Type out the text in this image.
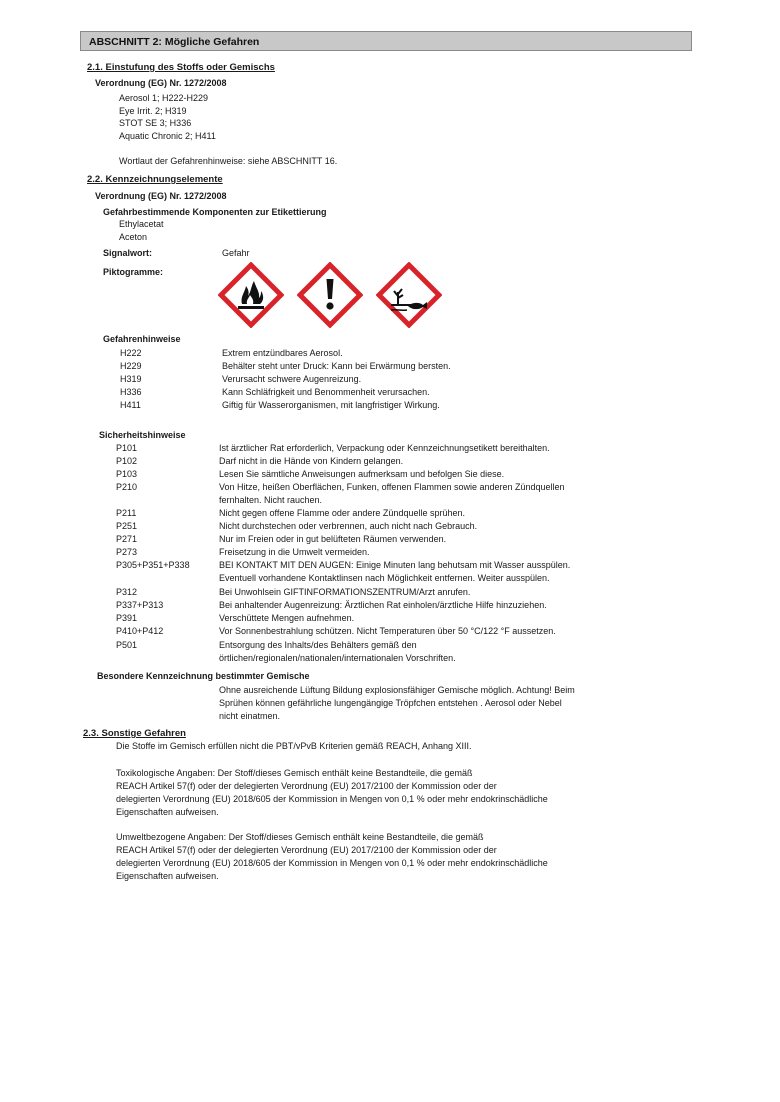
ABSCHNITT 2: Mögliche Gefahren
2.1. Einstufung des Stoffs oder Gemischs
Verordnung (EG) Nr. 1272/2008
Aerosol 1; H222-H229
Eye Irrit. 2; H319
STOT SE 3; H336
Aquatic Chronic 2; H411
Wortlaut der Gefahrenhinweise: siehe ABSCHNITT 16.
2.2. Kennzeichnungselemente
Verordnung (EG) Nr. 1272/2008
Gefahrbestimmende Komponenten zur Etikettierung
Ethylacetat
Aceton
Signalwort:	Gefahr
Piktogramme:
Gefahrenhinweise
H222	Extrem entzündbares Aerosol.
H229	Behälter steht unter Druck: Kann bei Erwärmung bersten.
H319	Verursacht schwere Augenreizung.
H336	Kann Schläfrigkeit und Benommenheit verursachen.
H411	Giftig für Wasserorganismen, mit langfristiger Wirkung.
Sicherheitshinweise
P101	Ist ärztlicher Rat erforderlich, Verpackung oder Kennzeichnungsetikett bereithalten.
P102	Darf nicht in die Hände von Kindern gelangen.
P103	Lesen Sie sämtliche Anweisungen aufmerksam und befolgen Sie diese.
P210	Von Hitze, heißen Oberflächen, Funken, offenen Flammen sowie anderen Zündquellen
fernhalten. Nicht rauchen.
P211	Nicht gegen offene Flamme oder andere Zündquelle sprühen.
P251	Nicht durchstechen oder verbrennen, auch nicht nach Gebrauch.
P271	Nur im Freien oder in gut belüfteten Räumen verwenden.
P273	Freisetzung in die Umwelt vermeiden.
P305+P351+P338	BEI KONTAKT MIT DEN AUGEN: Einige Minuten lang behutsam mit Wasser ausspülen.
Eventuell vorhandene Kontaktlinsen nach Möglichkeit entfernen. Weiter ausspülen.
P312	Bei Unwohlsein GIFTINFORMATIONSZENTRUM/Arzt anrufen.
P337+P313	Bei anhaltender Augenreizung: Ärztlichen Rat einholen/ärztliche Hilfe hinzuziehen.
P391	Verschüttete Mengen aufnehmen.
P410+P412	Vor Sonnenbestrahlung schützen. Nicht Temperaturen über 50 °C/122 °F aussetzen.
P501	Entsorgung des Inhalts/des Behälters gemäß den
örtlichen/regionalen/nationalen/internationalen Vorschriften.
Besondere Kennzeichnung bestimmter Gemische
Ohne ausreichende Lüftung Bildung explosionsfähiger Gemische möglich. Achtung! Beim
Sprühen können gefährliche lungengängige Tröpfchen entstehen . Aerosol oder Nebel
nicht einatmen.
2.3. Sonstige Gefahren
Die Stoffe im Gemisch erfüllen nicht die PBT/vPvB Kriterien gemäß REACH, Anhang XIII.
Toxikologische Angaben: Der Stoff/dieses Gemisch enthält keine Bestandteile, die gemäß
REACH Artikel 57(f) oder der delegierten Verordnung (EU) 2017/2100 der Kommission oder der
delegierten Verordnung (EU) 2018/605 der Kommission in Mengen von 0,1 % oder mehr endokrinschädliche
Eigenschaften aufweisen.
Umweltbezogene Angaben: Der Stoff/dieses Gemisch enthält keine Bestandteile, die gemäß
REACH Artikel 57(f) oder der delegierten Verordnung (EU) 2017/2100 der Kommission oder der
delegierten Verordnung (EU) 2018/605 der Kommission in Mengen von 0,1 % oder mehr endokrinschädliche
Eigenschaften aufweisen.
